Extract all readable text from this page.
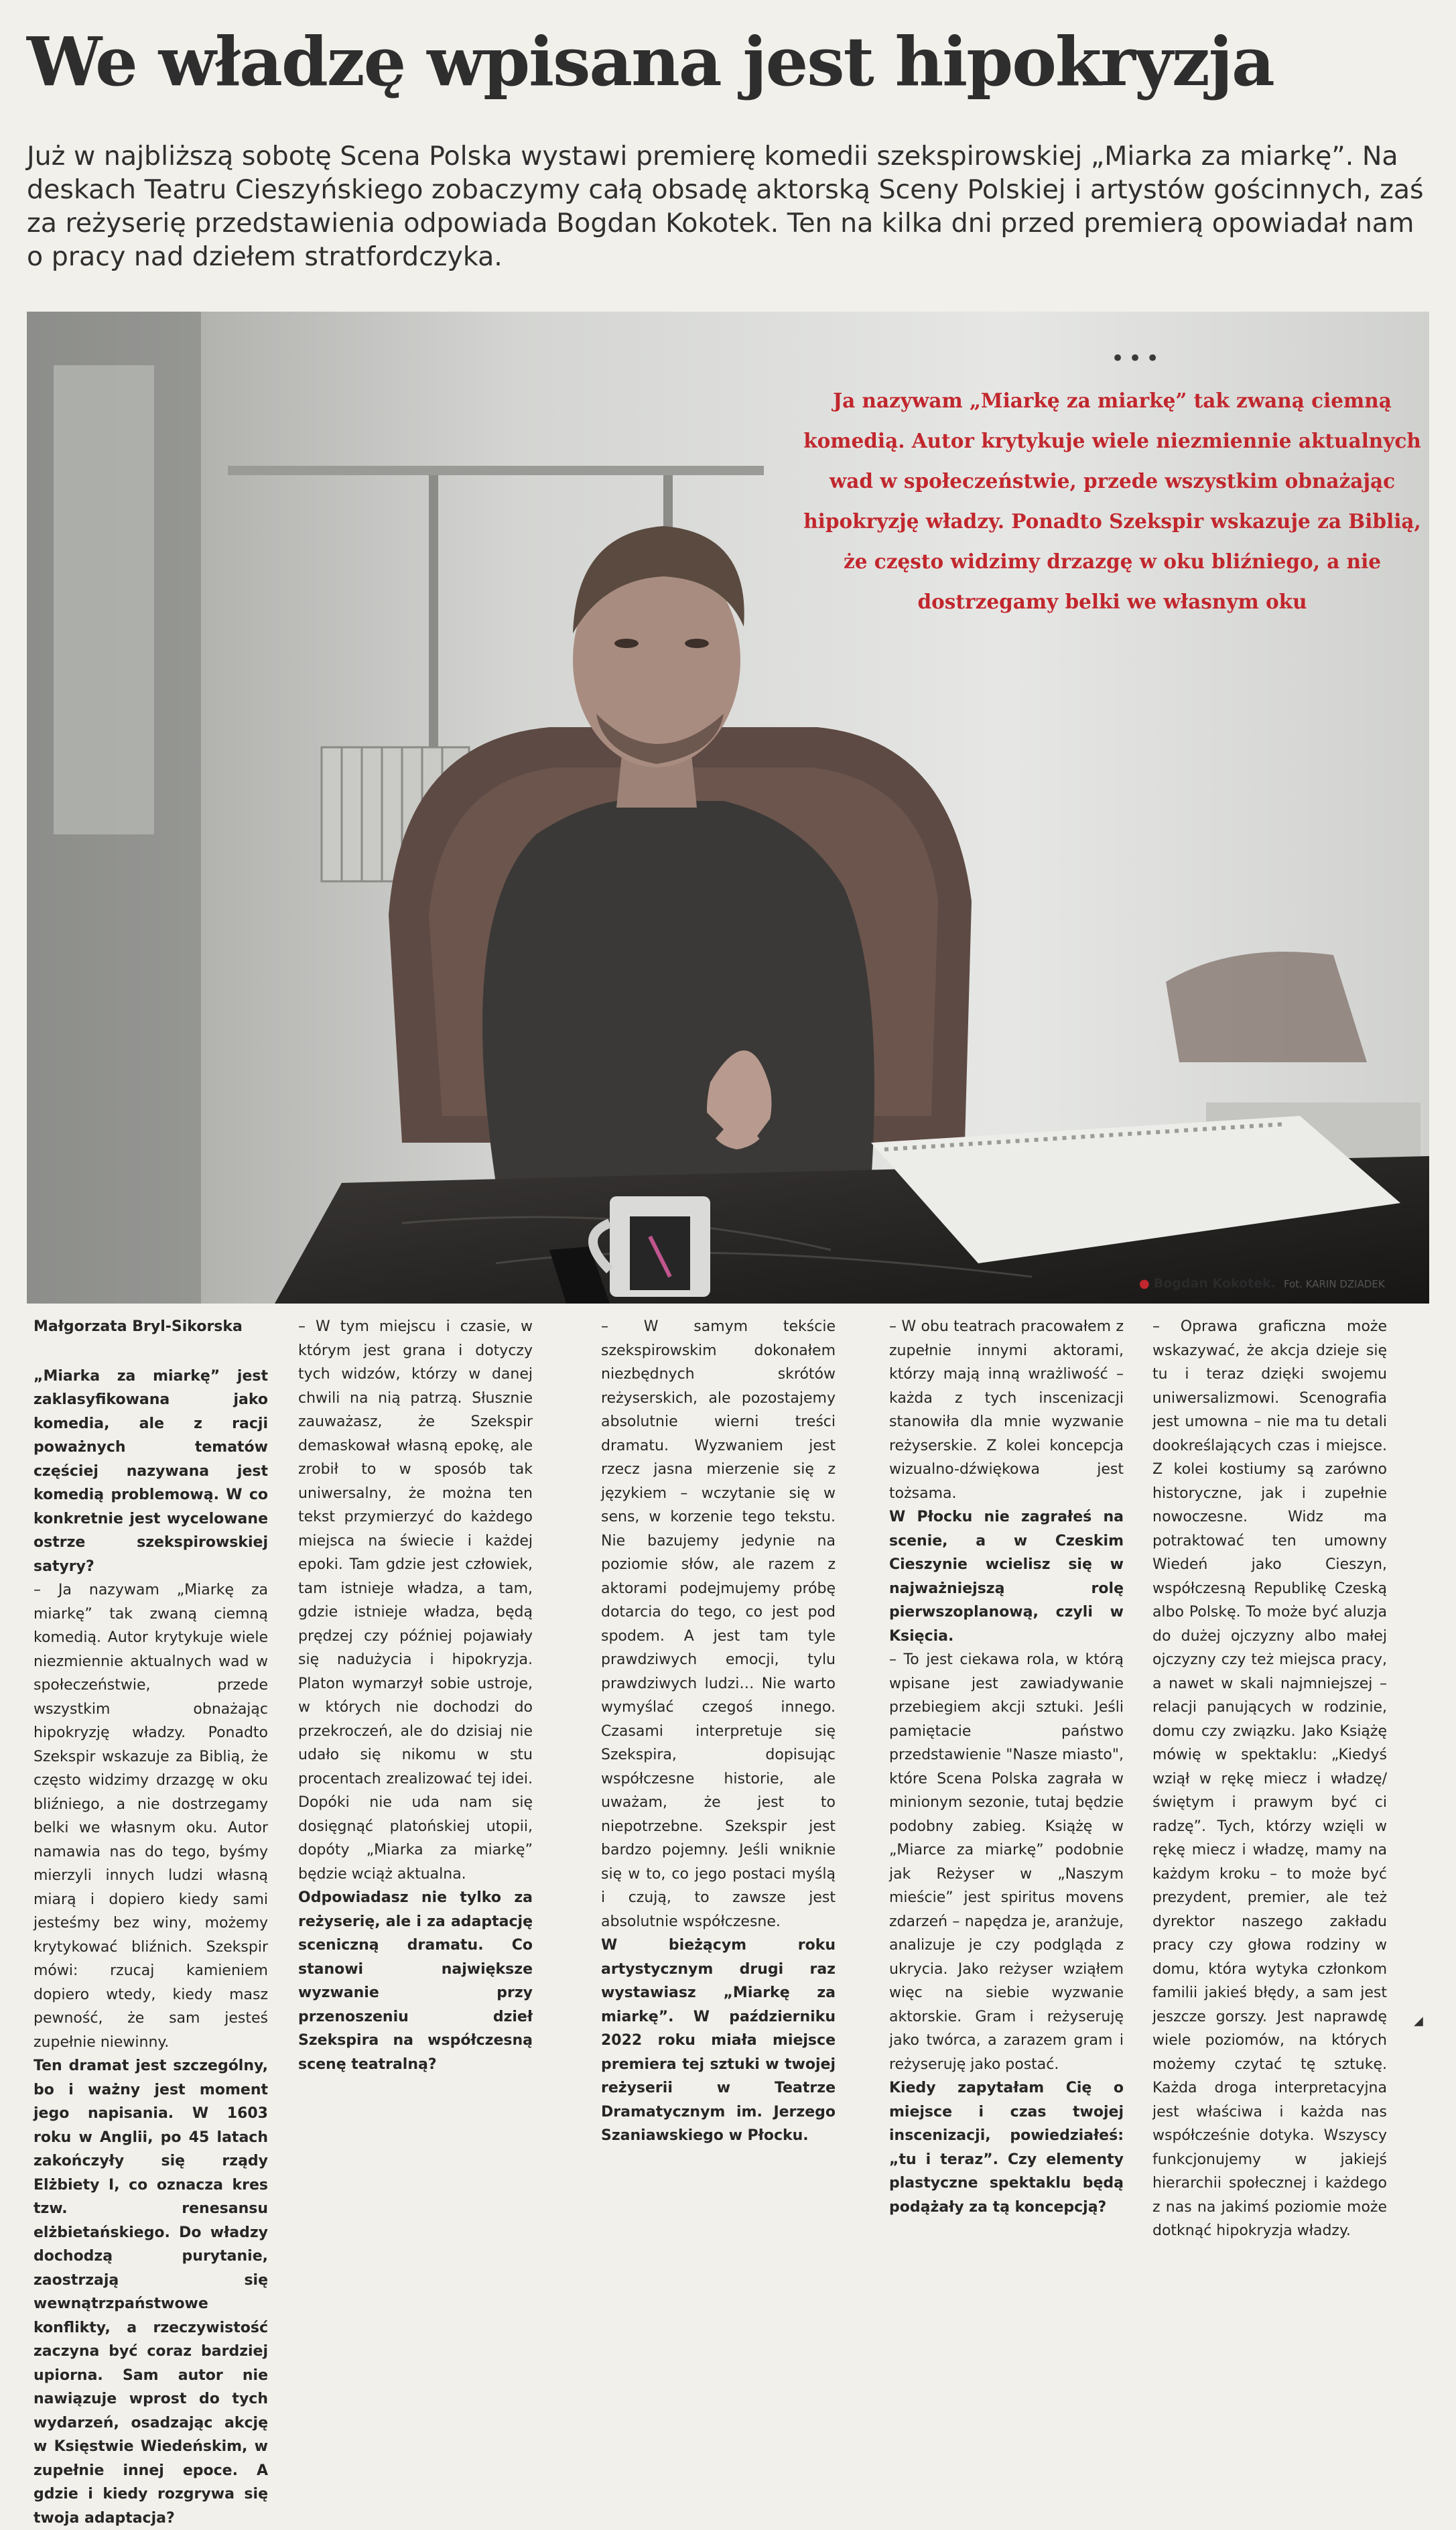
We władzę wpisana jest hipokryzja

Już w najbliższą sobotę Scena Polska wystawi premierę komedii szekspirowskiej „Miarka za miarkę”. Na deskach Teatru Cieszyńskiego zobaczymy całą obsadę aktorską Sceny Polskiej i artystów gościnnych, zaś za reżyserię przedstawienia odpowiada Bogdan Kokotek. Ten na kilka dni przed premierą opowiadał nam o pracy nad dziełem stratfordczyka.

•••

Ja nazywam „Miarkę za miarkę” tak zwaną ciemną komedią. Autor krytykuje wiele niezmiennie aktualnych wad w społeczeństwie, przede wszystkim obnażając hipokryzję władzy. Ponadto Szekspir wskazuje za Biblią, że często widzimy drzazgę w oku bliźniego, a nie dostrzegamy belki we własnym oku

● Bogdan Kokotek. Fot. KARIN DZIADEK

Małgorzata Bryl-Sikorska

„Miarka za miarkę” jest zaklasyfikowana jako komedia, ale z racji poważnych tematów częściej nazywana jest komedią problemową. W co konkretnie jest wycelowane ostrze szekspirowskiej satyry?

– Ja nazywam „Miarkę za miarkę” tak zwaną ciemną komedią. Autor krytykuje wiele niezmiennie aktualnych wad w społeczeństwie, przede wszystkim obnażając hipokryzję władzy. Ponadto Szekspir wskazuje za Biblią, że często widzimy drzazgę w oku bliźniego, a nie dostrzegamy belki we własnym oku. Autor namawia nas do tego, byśmy mierzyli innych ludzi własną miarą i dopiero kiedy sami jesteśmy bez winy, możemy krytykować bliźnich. Szekspir mówi: rzucaj kamieniem dopiero wtedy, kiedy masz pewność, że sam jesteś zupełnie niewinny.

Ten dramat jest szczególny, bo i ważny jest moment jego napisania. W 1603 roku w Anglii, po 45 latach zakończyły się rządy Elżbiety I, co oznacza kres tzw. renesansu elżbietańskiego. Do władzy dochodzą purytanie, zaostrzają się wewnątrzpaństwowe konflikty, a rzeczywistość zaczyna być coraz bardziej upiorna. Sam autor nie nawiązuje wprost do tych wydarzeń, osadzając akcję w Księstwie Wiedeńskim, w zupełnie innej epoce. A gdzie i kiedy rozgrywa się twoja adaptacja?

– W tym miejscu i czasie, w którym jest grana i dotyczy tych widzów, którzy w danej chwili na nią patrzą. Słusznie zauważasz, że Szekspir demaskował własną epokę, ale zrobił to w sposób tak uniwersalny, że można ten tekst przymierzyć do każdego miejsca na świecie i każdej epoki. Tam gdzie jest człowiek, tam istnieje władza, a tam, gdzie istnieje władza, będą prędzej czy później pojawiały się nadużycia i hipokryzja. Platon wymarzył sobie ustroje, w których nie dochodzi do przekroczeń, ale do dzisiaj nie udało się nikomu w stu procentach zrealizować tej idei. Dopóki nie uda nam się dosięgnąć platońskiej utopii, dopóty „Miarka za miarkę” będzie wciąż aktualna.

Odpowiadasz nie tylko za reżyserię, ale i za adaptację sceniczną dramatu. Co stanowi największe wyzwanie przy przenoszeniu dzieł Szekspira na współczesną scenę teatralną?

– W samym tekście szekspirowskim dokonałem niezbędnych skrótów reżyserskich, ale pozostajemy absolutnie wierni treści dramatu. Wyzwaniem jest rzecz jasna mierzenie się z językiem – wczytanie się w sens, w korzenie tego tekstu. Nie bazujemy jedynie na poziomie słów, ale razem z aktorami podejmujemy próbę dotarcia do tego, co jest pod spodem. A jest tam tyle prawdziwych emocji, tylu prawdziwych ludzi… Nie warto wymyślać czegoś innego. Czasami interpretuje się Szekspira, dopisując współczesne historie, ale uważam, że jest to niepotrzebne. Szekspir jest bardzo pojemny. Jeśli wniknie się w to, co jego postaci myślą i czują, to zawsze jest absolutnie współczesne.

W bieżącym roku artystycznym drugi raz wystawiasz „Miarkę za miarkę”. W październiku 2022 roku miała miejsce premiera tej sztuki w twojej reżyserii w Teatrze Dramatycznym im. Jerzego Szaniawskiego w Płocku.

– W obu teatrach pracowałem z zupełnie innymi aktorami, którzy mają inną wrażliwość – każda z tych inscenizacji stanowiła dla mnie wyzwanie reżyserskie. Z kolei koncepcja wizualno-dźwiękowa jest tożsama.

W Płocku nie zagrałeś na scenie, a w Czeskim Cieszynie wcielisz się w najważniejszą rolę pierwszoplanową, czyli w Księcia.

– To jest ciekawa rola, w którą wpisane jest zawiadywanie przebiegiem akcji sztuki. Jeśli pamiętacie państwo przedstawienie "Nasze miasto", które Scena Polska zagrała w minionym sezonie, tutaj będzie podobny zabieg. Książę w „Miarce za miarkę” podobnie jak Reżyser w „Naszym mieście” jest spiritus movens zdarzeń – napędza je, aranżuje, analizuje je czy podgląda z ukrycia. Jako reżyser wziąłem więc na siebie wyzwanie aktorskie. Gram i reżyseruję jako twórca, a zarazem gram i reżyseruję jako postać.

Kiedy zapytałam Cię o miejsce i czas twojej inscenizacji, powiedziałeś: „tu i teraz”. Czy elementy plastyczne spektaklu będą podążały za tą koncepcją?

– Oprawa graficzna może wskazywać, że akcja dzieje się tu i teraz dzięki swojemu uniwersalizmowi. Scenografia jest umowna – nie ma tu detali dookreślających czas i miejsce. Z kolei kostiumy są zarówno historyczne, jak i zupełnie nowoczesne. Widz ma potraktować ten umowny Wiedeń jako Cieszyn, współczesną Republikę Czeską albo Polskę. To może być aluzja do dużej ojczyzny albo małej ojczyzny czy też miejsca pracy, a nawet w skali najmniejszej – relacji panujących w rodzinie, domu czy związku. Jako Książę mówię w spektaklu: „Kiedyś wziął w rękę miecz i władzę/świętym i prawym być ci radzę”. Tych, którzy wzięli w rękę miecz i władzę, mamy na każdym kroku – to może być prezydent, premier, ale też dyrektor naszego zakładu pracy czy głowa rodziny w domu, która wytyka członkom familii jakieś błędy, a sam jest jeszcze gorszy. Jest naprawdę wiele poziomów, na których możemy czytać tę sztukę. Każda droga interpretacyjna jest właściwa i każda nas współcześnie dotyka. Wszyscy funkcjonujemy w jakiejś hierarchii społecznej i każdego z nas na jakimś poziomie może dotknąć hipokryzja władzy.

◢
